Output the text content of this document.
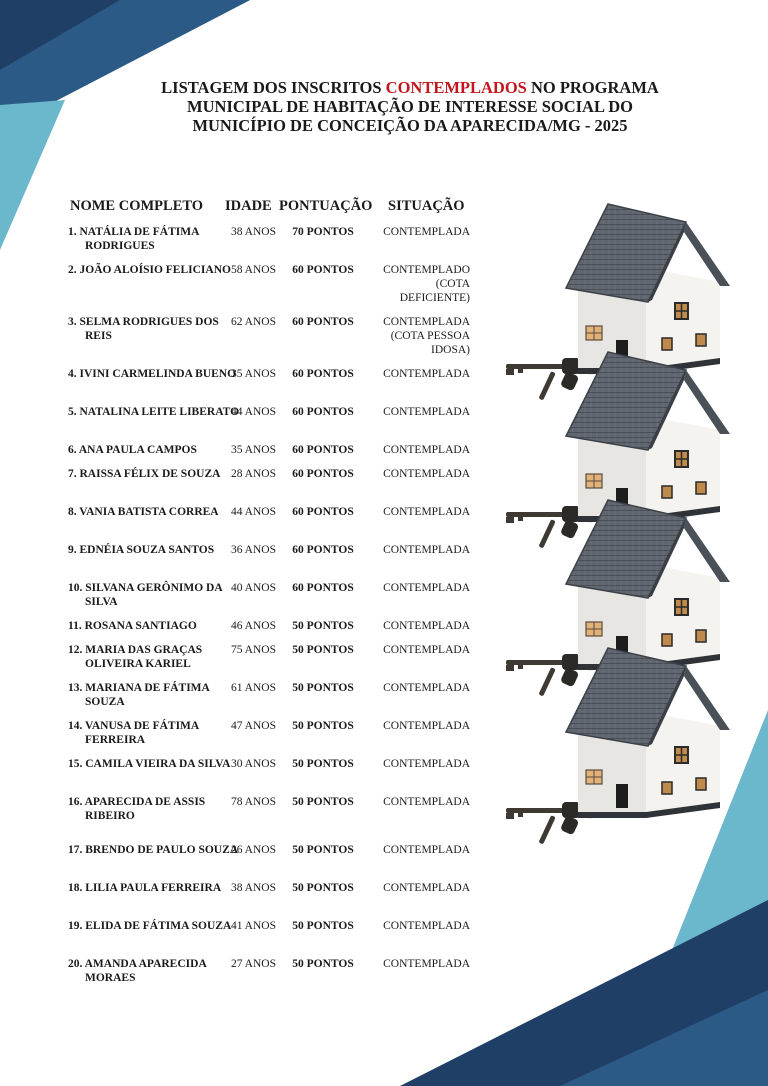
LISTAGEM DOS INSCRITOS CONTEMPLADOS NO PROGRAMA
MUNICIPAL DE HABITAÇÃO DE INTERESSE SOCIAL DO
MUNICÍPIO DE CONCEIÇÃO DA APARECIDA/MG - 2025
NOME COMPLETO IDADE PONTUAÇÃO SITUAÇÃO
1. NATÁLIA DE FÁTIMA RODRIGUES
38 ANOS	70 PONTOS	CONTEMPLADA
2. JOÃO ALOÍSIO FELICIANO 58 ANOS	60 PONTOS	CONTEMPLADO (COTA DEFICIENTE)
3. SELMA RODRIGUES DOS REIS
62 ANOS	60 PONTOS	CONTEMPLADA (COTA PESSOA IDOSA)
4. IVINI CARMELINDA BUENO
35 ANOS	60 PONTOS	CONTEMPLADA
5. NATALINA LEITE LIBERATO
44 ANOS	60 PONTOS	CONTEMPLADA
6. ANA PAULA CAMPOS	35 ANOS	60 PONTOS	CONTEMPLADA
7. RAISSA FÉLIX DE SOUZA 28 ANOS	60 PONTOS	CONTEMPLADA
8. VANIA BATISTA CORREA	44 ANOS	60 PONTOS	CONTEMPLADA
9. EDNÉIA SOUZA SANTOS	36 ANOS	60 PONTOS	CONTEMPLADA
10. SILVANA GERÔNIMO DA SILVA
40 ANOS	60 PONTOS	CONTEMPLADA
11. ROSANA SANTIAGO	46 ANOS	50 PONTOS	CONTEMPLADA
12. MARIA DAS GRAÇAS OLIVEIRA KARIEL
75 ANOS	50 PONTOS	CONTEMPLADA
13. MARIANA DE FÁTIMA SOUZA
61 ANOS	50 PONTOS	CONTEMPLADA
14. VANUSA DE FÁTIMA FERREIRA
47 ANOS	50 PONTOS	CONTEMPLADA
15. CAMILA VIEIRA DA SILVA 30 ANOS	50 PONTOS	CONTEMPLADA
16. APARECIDA DE ASSIS RIBEIRO
78 ANOS	50 PONTOS	CONTEMPLADA
17. BRENDO DE PAULO SOUZA
26 ANOS	50 PONTOS	CONTEMPLADA
18. LILIA PAULA FERREIRA 38 ANOS	50 PONTOS	CONTEMPLADA
19. ELIDA DE FÁTIMA SOUZA 41 ANOS	50 PONTOS	CONTEMPLADA
20. AMANDA APARECIDA MORAES
27 ANOS	50 PONTOS	CONTEMPLADA
